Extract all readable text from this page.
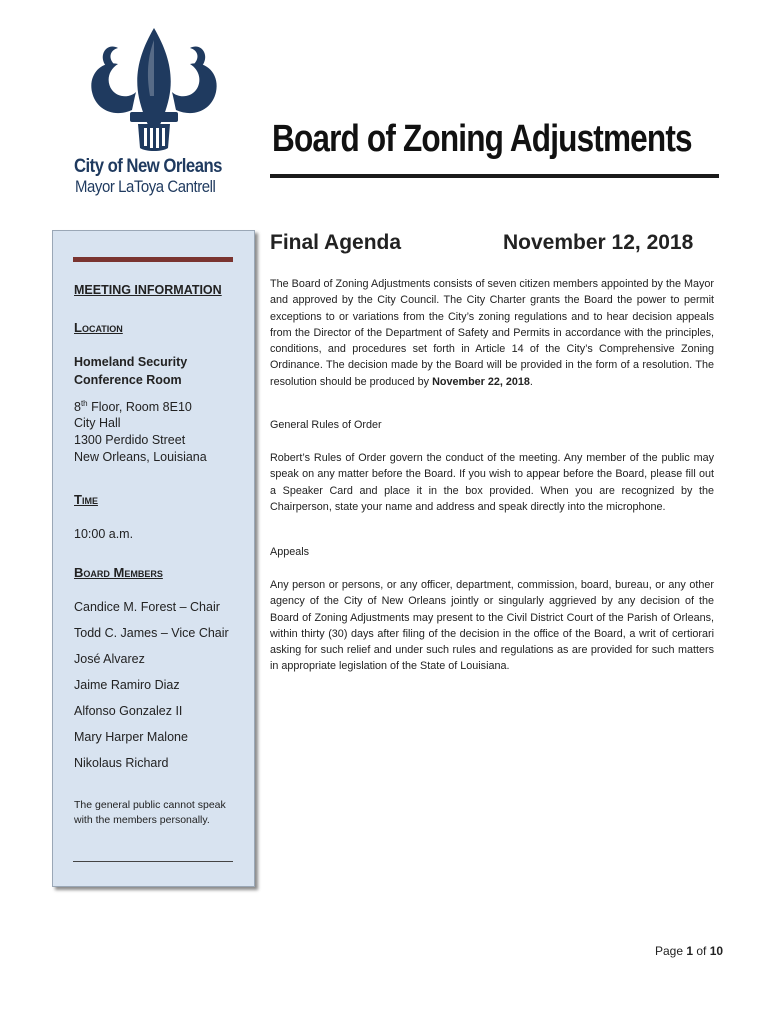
City of New Orleans
Mayor LaToya Cantrell
Board of Zoning Adjustments
MEETING INFORMATION
Location
Homeland Security
Conference Room
8th Floor, Room 8E10
City Hall
1300 Perdido Street
New Orleans, Louisiana
Time
10:00 a.m.
Board Members
Candice M. Forest – Chair
Todd C. James – Vice Chair
José Alvarez
Jaime Ramiro Diaz
Alfonso Gonzalez II
Mary Harper Malone
Nikolaus Richard
The general public cannot speak
with the members personally.
Final Agenda	November 12, 2018
The Board of Zoning Adjustments consists of seven citizen members appointed by the Mayor and approved by the City Council. The City Charter grants the Board the power to permit exceptions to or variations from the City’s zoning regulations and to hear decision appeals from the Director of the Department of Safety and Permits in accordance with the principles, conditions, and procedures set forth in Article 14 of the City’s Comprehensive Zoning Ordinance. The decision made by the Board will be provided in the form of a resolution. The resolution should be produced by November 22, 2018.
General Rules of Order
Robert’s Rules of Order govern the conduct of the meeting. Any member of the public may speak on any matter before the Board. If you wish to appear before the Board, please fill out a Speaker Card and place it in the box provided. When you are recognized by the Chairperson, state your name and address and speak directly into the microphone.
Appeals
Any person or persons, or any officer, department, commission, board, bureau, or any other agency of the City of New Orleans jointly or singularly aggrieved by any decision of the Board of Zoning Adjustments may present to the Civil District Court of the Parish of Orleans, within thirty (30) days after filing of the decision in the office of the Board, a writ of certiorari asking for such relief and under such rules and regulations as are provided for such matters in appropriate legislation of the State of Louisiana.
Page 1 of 10
